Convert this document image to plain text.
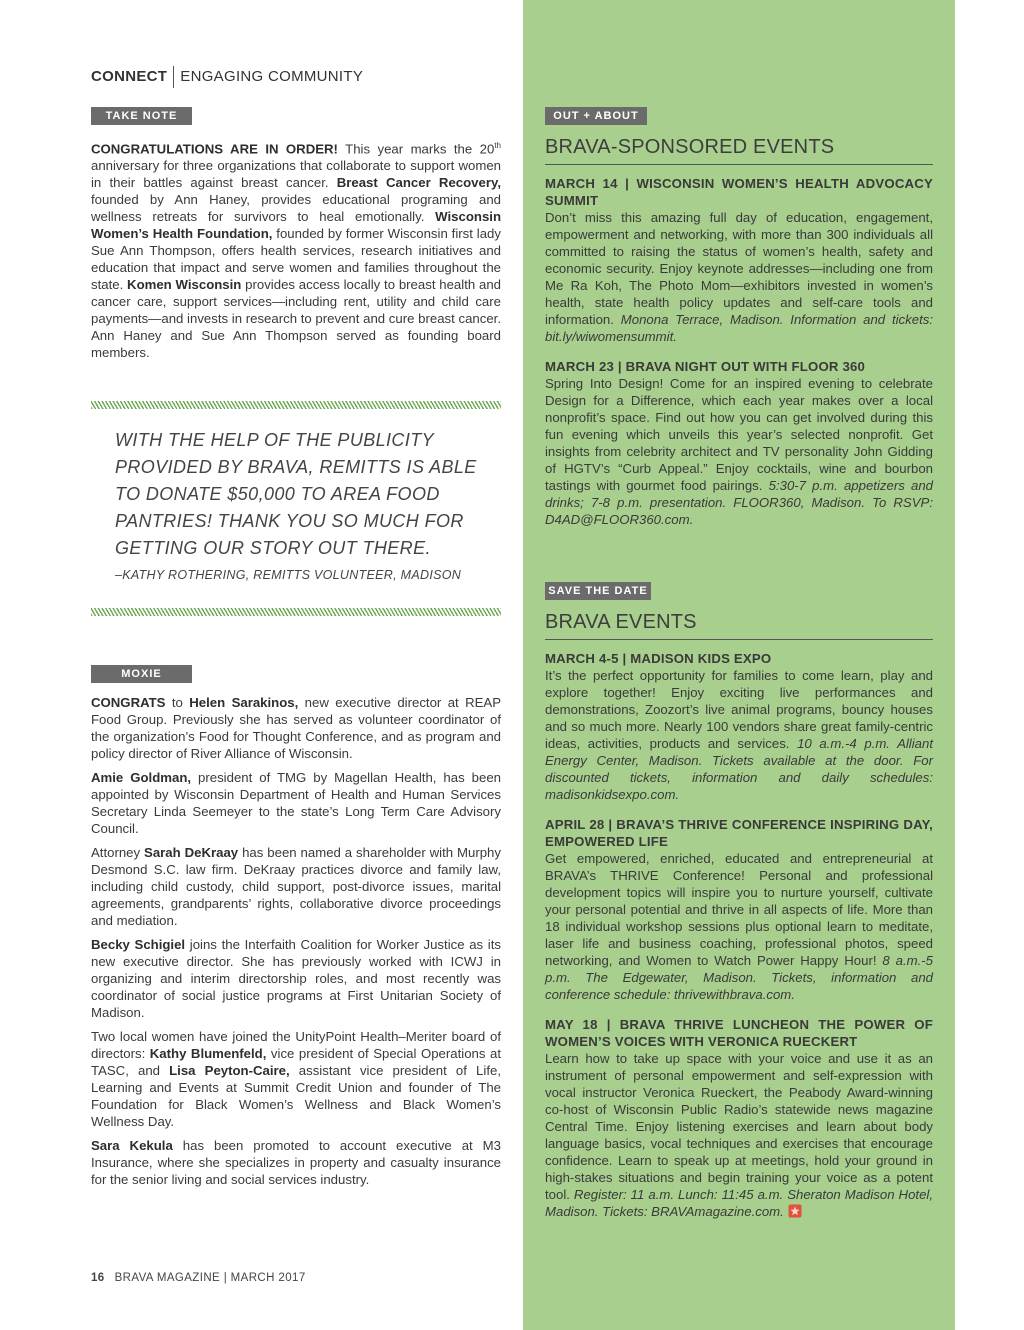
CONNECT ENGAGING COMMUNITY
TAKE NOTE

CONGRATULATIONS ARE IN ORDER! This year marks the 20th anniversary for three organizations that collaborate to support women in their battles against breast cancer. Breast Cancer Recovery, founded by Ann Haney, provides educational programing and wellness retreats for survivors to heal emotionally. Wisconsin Women’s Health Foundation, founded by former Wisconsin first lady Sue Ann Thompson, offers health services, research initiatives and education that impact and serve women and families throughout the state. Komen Wisconsin provides access locally to breast health and cancer care, support services—including rent, utility and child care payments—and invests in research to prevent and cure breast cancer. Ann Haney and Sue Ann Thompson served as founding board members.

WITH THE HELP OF THE PUBLICITY PROVIDED BY BRAVA, REMITTS IS ABLE TO DONATE $50,000 TO AREA FOOD PANTRIES! THANK YOU SO MUCH FOR GETTING OUR STORY OUT THERE.
–KATHY ROTHERING, REMITTS VOLUNTEER, MADISON
MOXIE

CONGRATS to Helen Sarakinos, new executive director at REAP Food Group. Previously she has served as volunteer coordinator of the organization’s Food for Thought Conference, and as program and policy director of River Alliance of Wisconsin.

Amie Goldman, president of TMG by Magellan Health, has been appointed by Wisconsin Department of Health and Human Services Secretary Linda Seemeyer to the state’s Long Term Care Advisory Council.

Attorney Sarah DeKraay has been named a shareholder with Murphy Desmond S.C. law firm. DeKraay practices divorce and family law, including child custody, child support, post-divorce issues, marital agreements, grandparents’ rights, collaborative divorce proceedings and mediation.

Becky Schigiel joins the Interfaith Coalition for Worker Justice as its new executive director. She has previously worked with ICWJ in organizing and interim directorship roles, and most recently was coordinator of social justice programs at First Unitarian Society of Madison.

Two local women have joined the UnityPoint Health–Meriter board of directors: Kathy Blumenfeld, vice president of Special Operations at TASC, and Lisa Peyton-Caire, assistant vice president of Life, Learning and Events at Summit Credit Union and founder of The Foundation for Black Women’s Wellness and Black Women’s Wellness Day.

Sara Kekula has been promoted to account executive at M3 Insurance, where she specializes in property and casualty insurance for the senior living and social services industry.

OUT + ABOUT
BRAVA-SPONSORED EVENTS
MARCH 14 | WISCONSIN WOMEN’S HEALTH ADVOCACY SUMMIT
Don’t miss this amazing full day of education, engagement, empowerment and networking, with more than 300 individuals all committed to raising the status of women’s health, safety and economic security. Enjoy keynote addresses—including one from Me Ra Koh, The Photo Mom—exhibitors invested in women’s health, state health policy updates and self-care tools and information. Monona Terrace, Madison. Information and tickets: bit.ly/wiwomensummit.
MARCH 23 | BRAVA NIGHT OUT WITH FLOOR 360
Spring Into Design! Come for an inspired evening to celebrate Design for a Difference, which each year makes over a local nonprofit’s space. Find out how you can get involved during this fun evening which unveils this year’s selected nonprofit. Get insights from celebrity architect and TV personality John Gidding of HGTV’s “Curb Appeal.” Enjoy cocktails, wine and bourbon tastings with gourmet food pairings. 5:30-7 p.m. appetizers and drinks; 7-8 p.m. presentation. FLOOR360, Madison. To RSVP: D4AD@FLOOR360.com.
SAVE THE DATE
BRAVA EVENTS
MARCH 4-5 | MADISON KIDS EXPO
It’s the perfect opportunity for families to come learn, play and explore together! Enjoy exciting live performances and demonstrations, Zoozort’s live animal programs, bouncy houses and so much more. Nearly 100 vendors share great family-centric ideas, activities, products and services. 10 a.m.-4 p.m. Alliant Energy Center, Madison. Tickets available at the door. For discounted tickets, information and daily schedules: madisonkidsexpo.com.
APRIL 28 | BRAVA’S THRIVE CONFERENCE INSPIRING DAY, EMPOWERED LIFE
Get empowered, enriched, educated and entrepreneurial at BRAVA’s THRIVE Conference! Personal and professional development topics will inspire you to nurture yourself, cultivate your personal potential and thrive in all aspects of life. More than 18 individual workshop sessions plus optional learn to meditate, laser life and business coaching, professional photos, speed networking, and Women to Watch Power Happy Hour! 8 a.m.-5 p.m. The Edgewater, Madison. Tickets, information and conference schedule: thrivewithbrava.com.
MAY 18 | BRAVA THRIVE LUNCHEON THE POWER OF WOMEN’S VOICES WITH VERONICA RUECKERT
Learn how to take up space with your voice and use it as an instrument of personal empowerment and self-expression with vocal instructor Veronica Rueckert, the Peabody Award-winning co-host of Wisconsin Public Radio’s statewide news magazine Central Time. Enjoy listening exercises and learn about body language basics, vocal techniques and exercises that encourage confidence. Learn to speak up at meetings, hold your ground in high-stakes situations and begin training your voice as a potent tool. Register: 11 a.m. Lunch: 11:45 a.m. Sheraton Madison Hotel, Madison. Tickets: BRAVAmagazine.com.
16 BRAVA MAGAZINE | MARCH 2017
